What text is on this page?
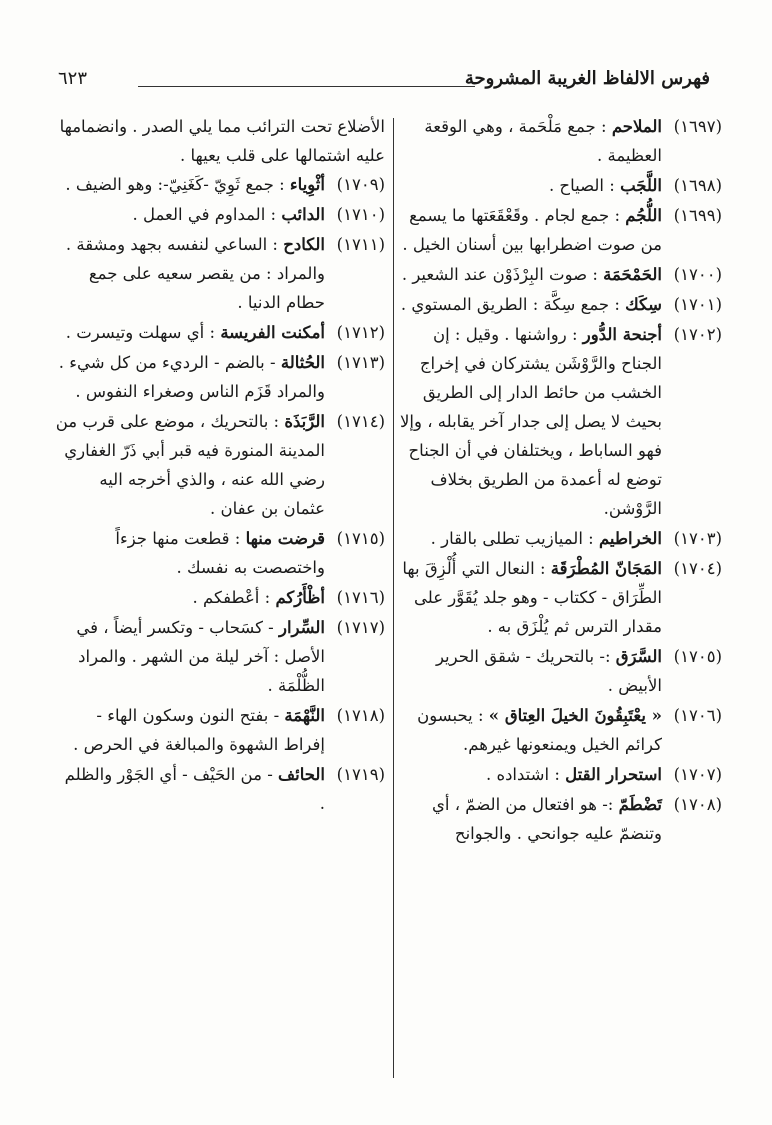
فهرس الالفاظ الغريبة المشروحة
٦٢٣
(١٦٩٧)
الملاحم : جمع مَلْحَمة ، وهي الوقعة العظيمة .
(١٦٩٨)
اللَّجَب : الصياح .
(١٦٩٩)
اللُّجُم : جمع لجام . وقَعْقَعَتها ما يسمع من صوت اضطرابها بين أسنان الخيل .
(١٧٠٠)
الحَمْحَمَة : صوت البِرْذَوْن عند الشعير .
(١٧٠١)
سِكَك : جمع سِكَّة : الطريق المستوي .
(١٧٠٢)
أجنحة الدُّور : رواشنها . وقيل : إن الجناح والرَّوْشَن يشتركان في إخراج الخشب من حائط الدار إلى الطريق بحيث لا يصل إلى جدار آخر يقابله ، وإلا فهو الساباط ، ويختلفان في أن الجناح توضع له أعمدة من الطريق بخلاف الرَّوْشن.
(١٧٠٣)
الخراطيم : الميازيب تطلى بالقار .
(١٧٠٤)
المَجَانّ المُطْرَقَة : النعال التي أُلْزِقَ بها الطِّرَاق - ككتاب - وهو جلد يُقَوَّر على مقدار الترس ثم يُلْزَق به .
(١٧٠٥)
السَّرَق :- بالتحريك - شقق الحرير الأبيض .
(١٧٠٦)
« يعْتَبِقُونَ الخيلَ العِتاق » : يحبسون كرائم الخيل ويمنعونها غيرهم.
(١٧٠٧)
استحرار القتل : اشتداده .
(١٧٠٨)
تَضْطَمّ :- هو افتعال من الضمّ ، أي وتنضمّ عليه جوانحي . والجوانح
الأضلاع تحت الترائب مما يلي الصدر . وانضمامها عليه اشتمالها على قلب يعيها .
(١٧٠٩)
أثْوِياء : جمع ثَوِيّ -كَغَنِيّ-: وهو الضيف .
(١٧١٠)
الدائب : المداوم في العمل .
(١٧١١)
الكادح : الساعي لنفسه بجهد ومشقة . والمراد : من يقصر سعيه على جمع حطام الدنيا .
(١٧١٢)
أمكنت الفريسة : أي سهلت وتيسرت .
(١٧١٣)
الحُثالة - بالضم - الرديء من كل شيء . والمراد قَزَم الناس وصغراء النفوس .
(١٧١٤)
الرَّبَذَة : بالتحريك ، موضع على قرب من المدينة المنورة فيه قبر أبي ذَرّ الغفاري رضي الله عنه ، والذي أخرجه اليه عثمان بن عفان .
(١٧١٥)
قرضت منها : قطعت منها جزءاً واختصصت به نفسك .
(١٧١٦)
أظْأَرُكم : أعْطفكم .
(١٧١٧)
السِّرار - كسَحاب - وتكسر أيضاً ، في الأصل : آخر ليلة من الشهر . والمراد الظُّلْمَة .
(١٧١٨)
النَّهْمَة - بفتح النون وسكون الهاء - إفراط الشهوة والمبالغة في الحرص .
(١٧١٩)
الحائف - من الحَيْف - أي الجَوْر والظلم .
